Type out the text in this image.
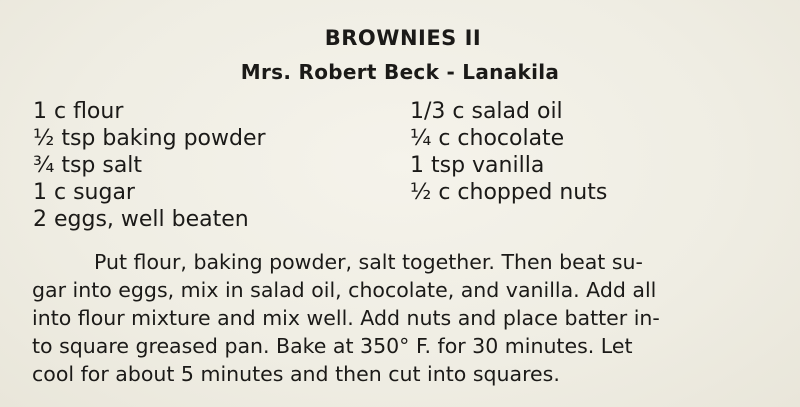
BROWNIES II
Mrs. Robert Beck - Lanakila
1 c flour
½ tsp baking powder
¾ tsp salt
1 c sugar
2 eggs, well beaten
1/3 c salad oil
¼ c chocolate
1 tsp vanilla
½ c chopped nuts
Put flour, baking powder, salt together. Then beat su-
gar into eggs, mix in salad oil, chocolate, and vanilla. Add all
into flour mixture and mix well. Add nuts and place batter in-
to square greased pan. Bake at 350° F. for 30 minutes. Let
cool for about 5 minutes and then cut into squares.
